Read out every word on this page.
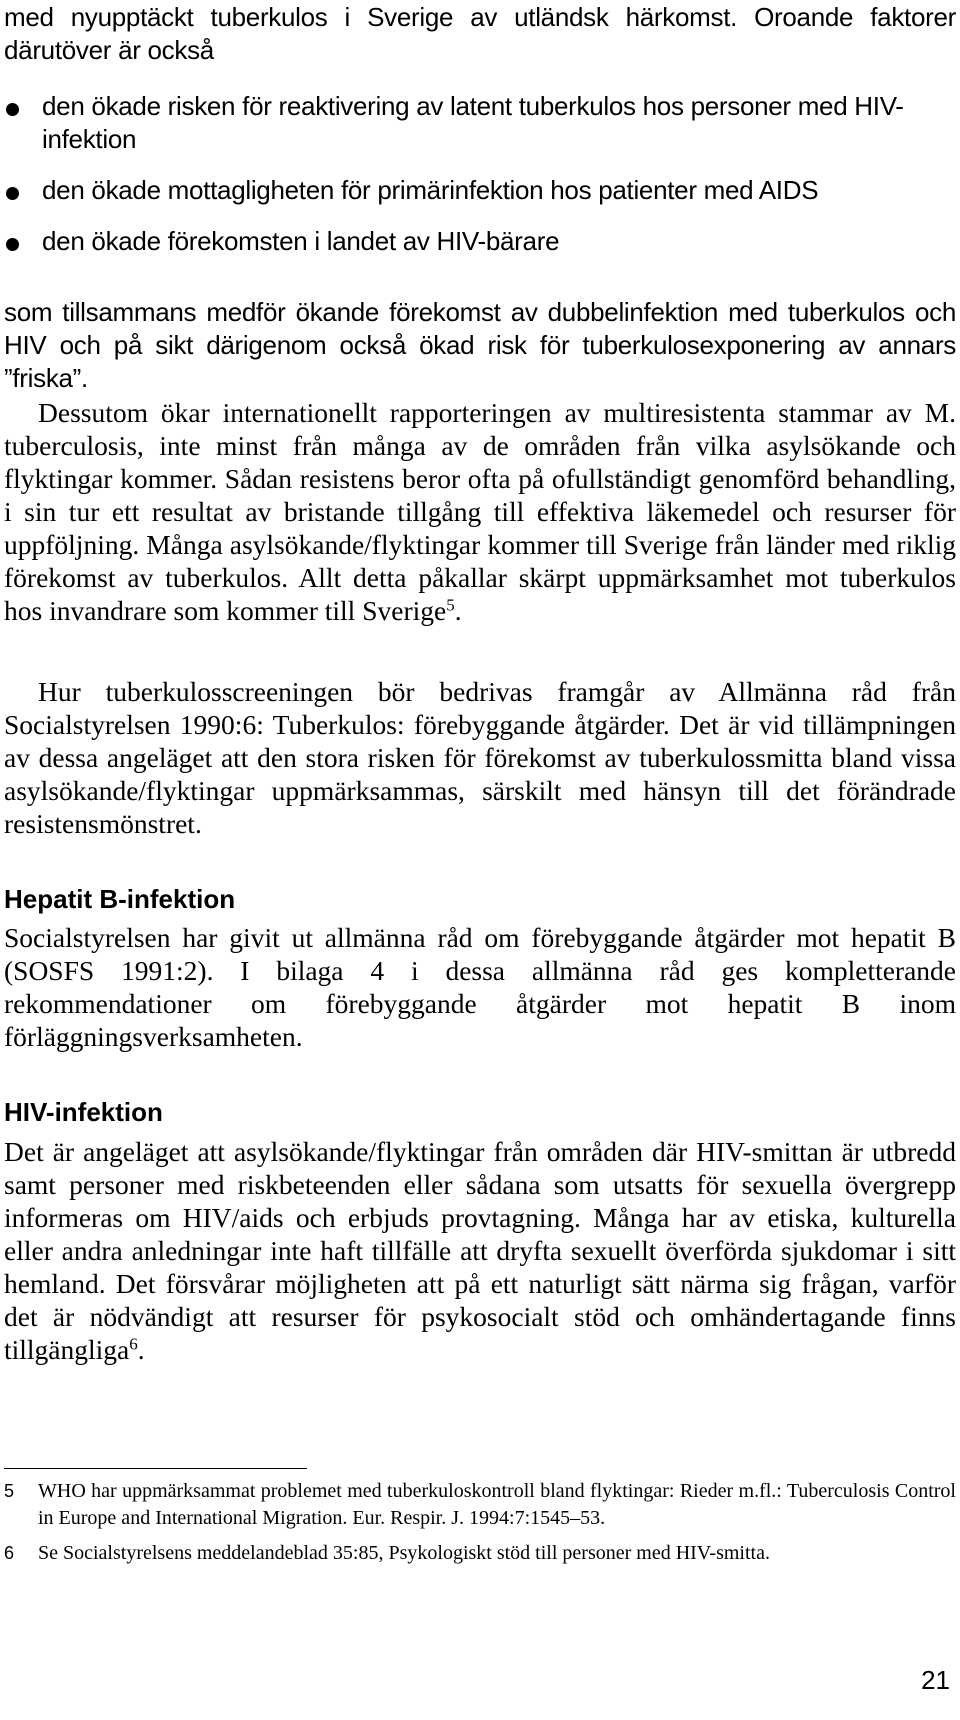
med nyupptäckt tuberkulos i Sverige av utländsk härkomst. Oroande faktorer därutöver är också

den ökade risken för reaktivering av latent tuberkulos hos personer med HIV-infektion
den ökade mottagligheten för primärinfektion hos patienter med AIDS
den ökade förekomsten i landet av HIV-bärare

som tillsammans medför ökande förekomst av dubbelinfektion med tuberkulos och HIV och på sikt därigenom också ökad risk för tuberkulosexponering av annars ”friska”.

Dessutom ökar internationellt rapporteringen av multiresistenta stammar av M. tuberculosis, inte minst från många av de områden från vilka asylsökande och flyktingar kommer. Sådan resistens beror ofta på ofullständigt genomförd behandling, i sin tur ett resultat av bristande tillgång till effektiva läkemedel och resurser för uppföljning. Många asylsökande/flyktingar kommer till Sverige från länder med riklig förekomst av tuberkulos. Allt detta påkallar skärpt uppmärksamhet mot tuberkulos hos invandrare som kommer till Sverige$^5$.

Hur tuberkulosscreeningen bör bedrivas framgår av Allmänna råd från Socialstyrelsen 1990:6: Tuberkulos: förebyggande åtgärder. Det är vid tillämpningen av dessa angeläget att den stora risken för förekomst av tuberkulossmitta bland vissa asylsökande/flyktingar uppmärksammas, särskilt med hänsyn till det förändrade resistensmönstret.

Hepatit B-infektion

Socialstyrelsen har givit ut allmänna råd om förebyggande åtgärder mot hepatit B (SOSFS 1991:2). I bilaga 4 i dessa allmänna råd ges kompletterande rekommendationer om förebyggande åtgärder mot hepatit B inom förläggningsverksamheten.

HIV-infektion

Det är angeläget att asylsökande/flyktingar från områden där HIV-smittan är utbredd samt personer med riskbeteenden eller sådana som utsatts för sexuella övergrepp informeras om HIV/aids och erbjuds provtagning. Många har av etiska, kulturella eller andra anledningar inte haft tillfälle att dryfta sexuellt överförda sjukdomar i sitt hemland. Det försvårar möjligheten att på ett naturligt sätt närma sig frågan, varför det är nödvändigt att resurser för psykosocialt stöd och omhändertagande finns tillgängliga$^6$.

5 WHO har uppmärksammat problemet med tuberkuloskontroll bland flyktingar: Rieder m.fl.: Tuberculosis Control in Europe and International Migration. Eur. Respir. J. 1994:7:1545–53.
6 Se Socialstyrelsens meddelandeblad 35:85, Psykologiskt stöd till personer med HIV-smitta.
21
